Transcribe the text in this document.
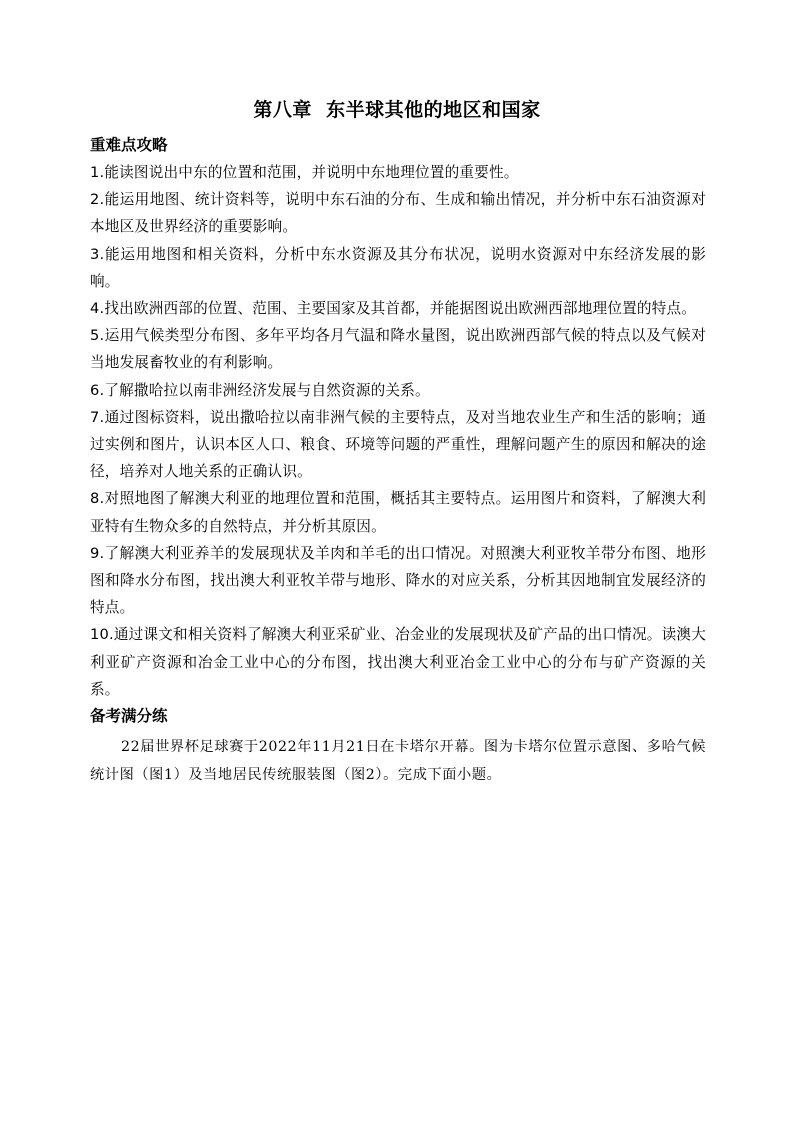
第八章  东半球其他的地区和国家
重难点攻略

1.能读图说出中东的位置和范围，并说明中东地理位置的重要性。

2.能运用地图、统计资料等，说明中东石油的分布、生成和输出情况，并分析中东石油资源对本地区及世界经济的重要影响。

3.能运用地图和相关资料，分析中东水资源及其分布状况，说明水资源对中东经济发展的影响。

4.找出欧洲西部的位置、范围、主要国家及其首都，并能据图说出欧洲西部地理位置的特点。

5.运用气候类型分布图、多年平均各月气温和降水量图，说出欧洲西部气候的特点以及气候对当地发展畜牧业的有利影响。

6.了解撒哈拉以南非洲经济发展与自然资源的关系。

7.通过图标资料，说出撒哈拉以南非洲气候的主要特点，及对当地农业生产和生活的影响；通过实例和图片，认识本区人口、粮食、环境等问题的严重性，理解问题产生的原因和解决的途径，培养对人地关系的正确认识。

8.对照地图了解澳大利亚的地理位置和范围，概括其主要特点。运用图片和资料，了解澳大利亚特有生物众多的自然特点，并分析其原因。

9.了解澳大利亚养羊的发展现状及羊肉和羊毛的出口情况。对照澳大利亚牧羊带分布图、地形图和降水分布图，找出澳大利亚牧羊带与地形、降水的对应关系，分析其因地制宜发展经济的特点。

10.通过课文和相关资料了解澳大利亚采矿业、冶金业的发展现状及矿产品的出口情况。读澳大利亚矿产资源和冶金工业中心的分布图，找出澳大利亚冶金工业中心的分布与矿产资源的关系。

备考满分练

22届世界杯足球赛于2022年11月21日在卡塔尔开幕。图为卡塔尔位置示意图、多哈气候统计图（图1）及当地居民传统服装图（图2）。完成下面小题。
